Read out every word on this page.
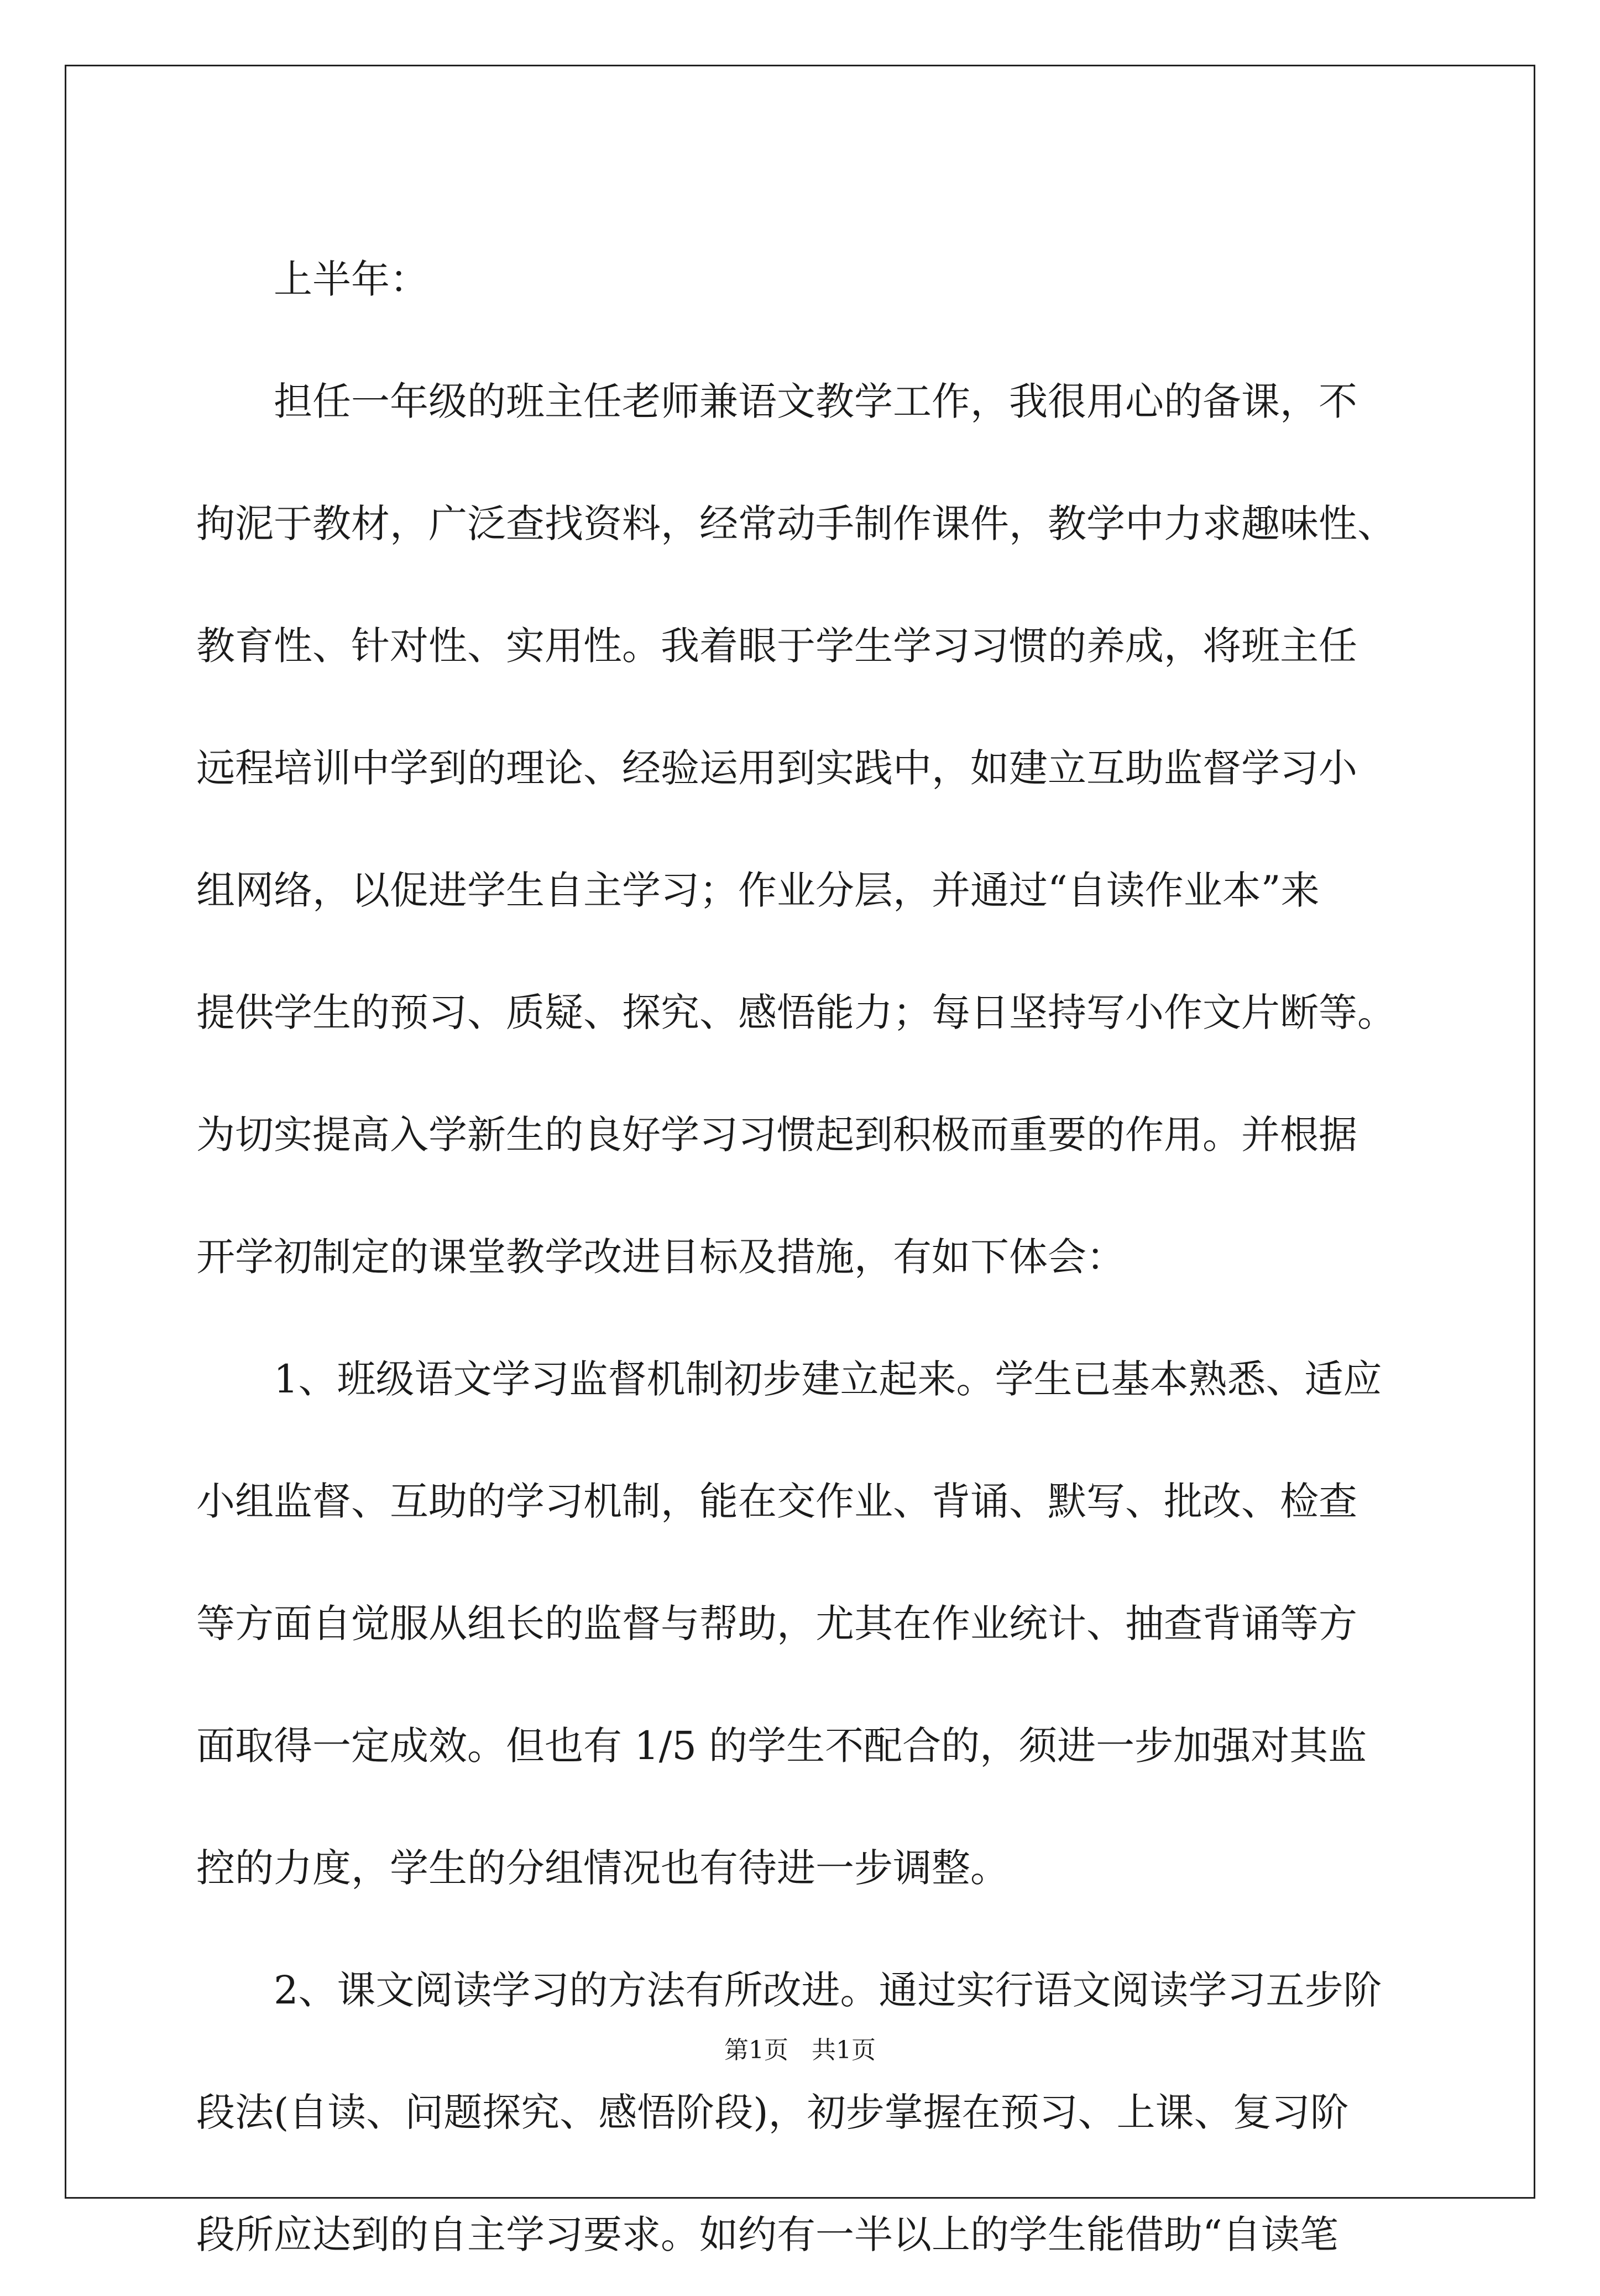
上半年：
担任一年级的班主任老师兼语文教学工作，我很用心的备课，不
拘泥于教材，广泛查找资料，经常动手制作课件，教学中力求趣味性、
教育性、针对性、实用性。我着眼于学生学习习惯的养成，将班主任
远程培训中学到的理论、经验运用到实践中，如建立互助监督学习小
组网络，以促进学生自主学习；作业分层，并通过“自读作业本”来
提供学生的预习、质疑、探究、感悟能力；每日坚持写小作文片断等。
为切实提高入学新生的良好学习习惯起到积极而重要的作用。并根据
开学初制定的课堂教学改进目标及措施，有如下体会：
1、班级语文学习监督机制初步建立起来。学生已基本熟悉、适应
小组监督、互助的学习机制，能在交作业、背诵、默写、批改、检查
等方面自觉服从组长的监督与帮助，尤其在作业统计、抽查背诵等方
面取得一定成效。但也有 1/5 的学生不配合的，须进一步加强对其监
控的力度，学生的分组情况也有待进一步调整。
2、课文阅读学习的方法有所改进。通过实行语文阅读学习五步阶
段法(自读、问题探究、感悟阶段)，初步掌握在预习、上课、复习阶
段所应达到的自主学习要求。如约有一半以上的学生能借助“自读笔
第1页   共1页
